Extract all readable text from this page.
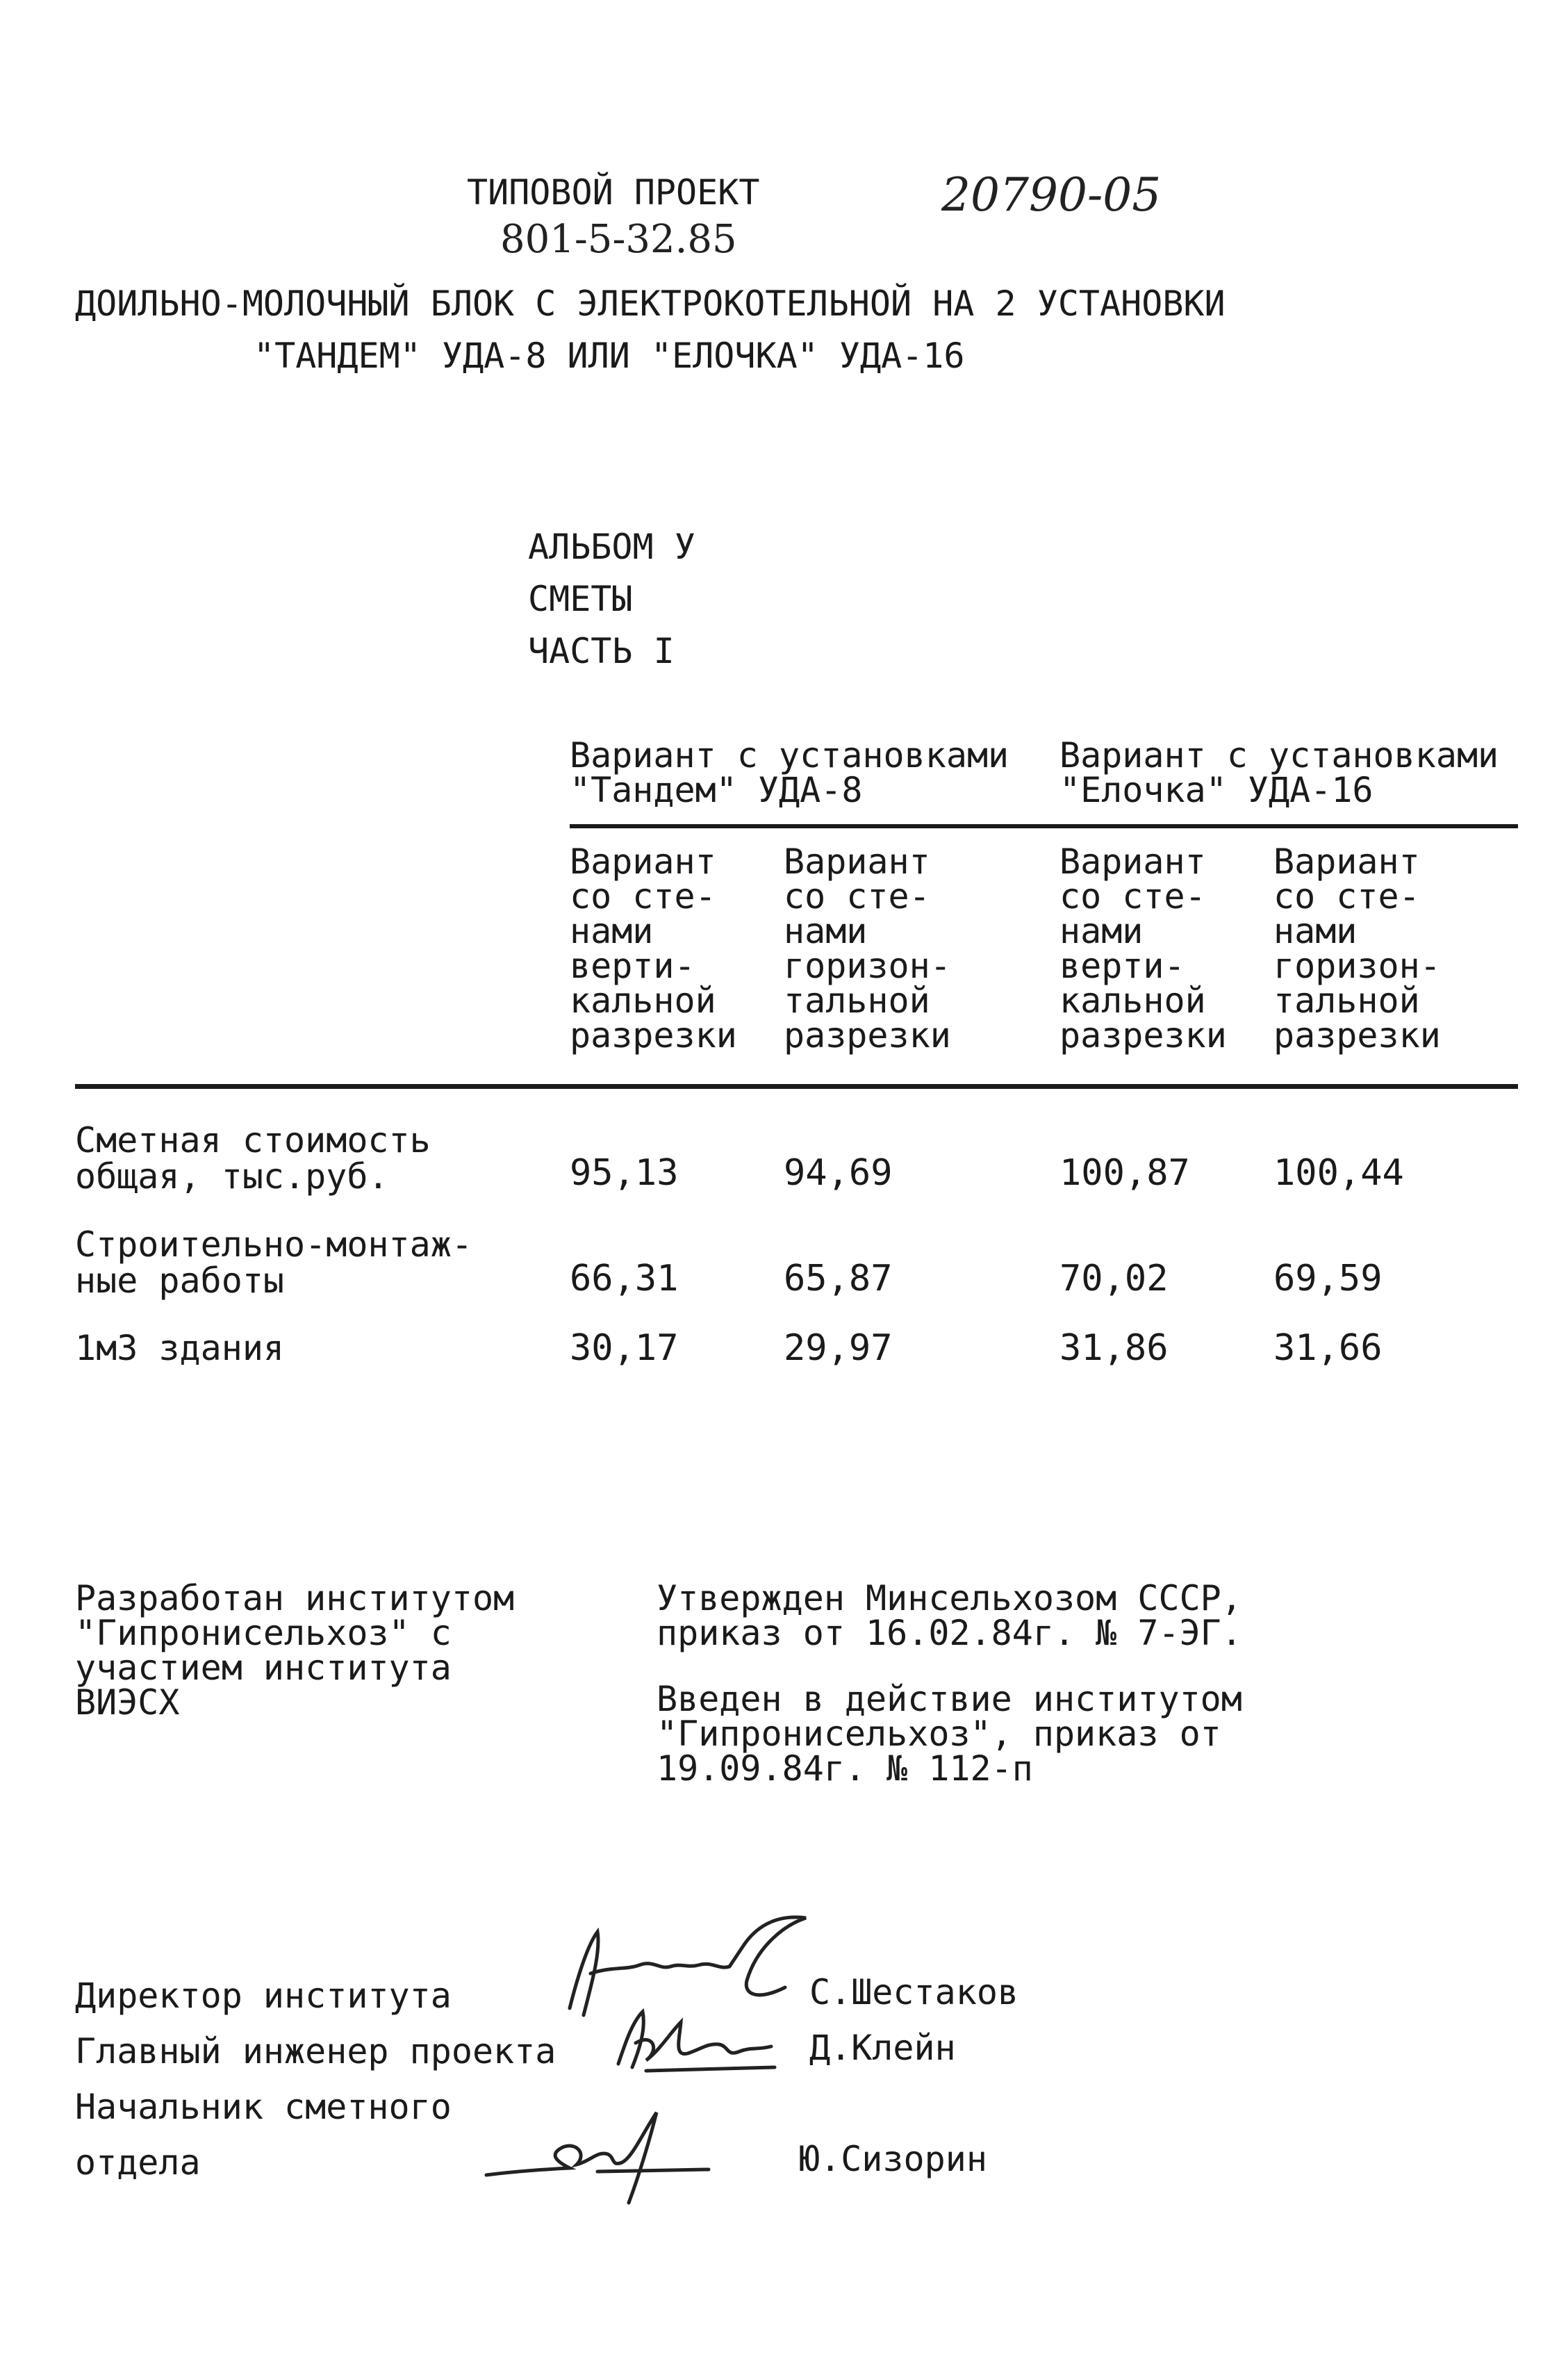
ТИПОВОЙ ПРОЕКТ	20790-05
801-5-32.85
ДОИЛЬНО-МОЛОЧНЫЙ БЛОК С ЭЛЕКТРОКОТЕЛЬНОЙ НА 2 УСТАНОВКИ
"ТАНДЕМ" УДА-8 ИЛИ "ЕЛОЧКА" УДА-16
АЛЬБОМ У
СМЕТЫ
ЧАСТЬ I
Вариант с установками
"Тандем" УДА-8
Вариант с установками
"Елочка" УДА-16
Вариант
со сте-
нами
верти-
кальной
разрезки
Вариант
со сте-
нами
горизон-
тальной
разрезки
Вариант
со сте-
нами
верти-
кальной
разрезки
Вариант
со сте-
нами
горизон-
тальной
разрезки
Сметная стоимость
общая, тыс.руб.	95,13	94,69	100,87 100,44
Строительно-монтаж-
ные работы	66,31	65,87	70,02	69,59
1м3 здания	30,17	29,97	31,86	31,66
Разработан институтом
"Гипронисельхоз" с
участием института
ВИЭСХ
Утвержден Минсельхозом СССР,
приказ от 16.02.84г. № 7-ЭГ.
Введен в действие институтом
"Гипронисельхоз", приказ от
19.09.84г. № 112-п
Директор института	С.Шестаков
Главный инженер проекта	Д.Клейн
Начальник сметного
отдела	Ю.Сизорин
